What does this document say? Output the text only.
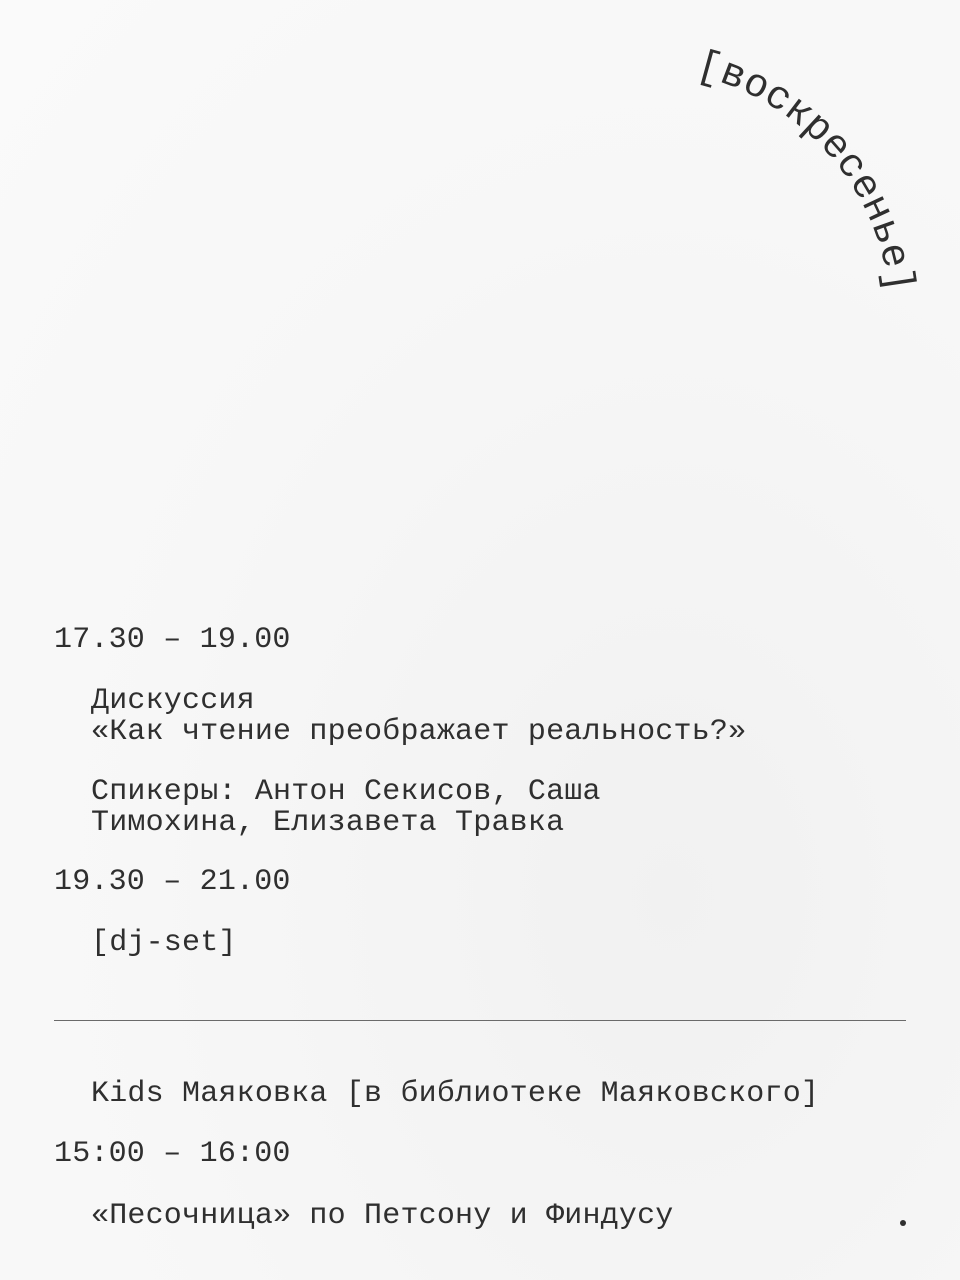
[воскресенье]
17.30 – 19.00
Дискуссия
«Как чтение преображает реальность?»
Спикеры: Антон Секисов, Саша
Тимохина, Елизавета Травка
19.30 – 21.00
[dj-set]
Kids Маяковка [в библиотеке Маяковского]
15:00 – 16:00
«Песочница» по Петсону и Финдусу
